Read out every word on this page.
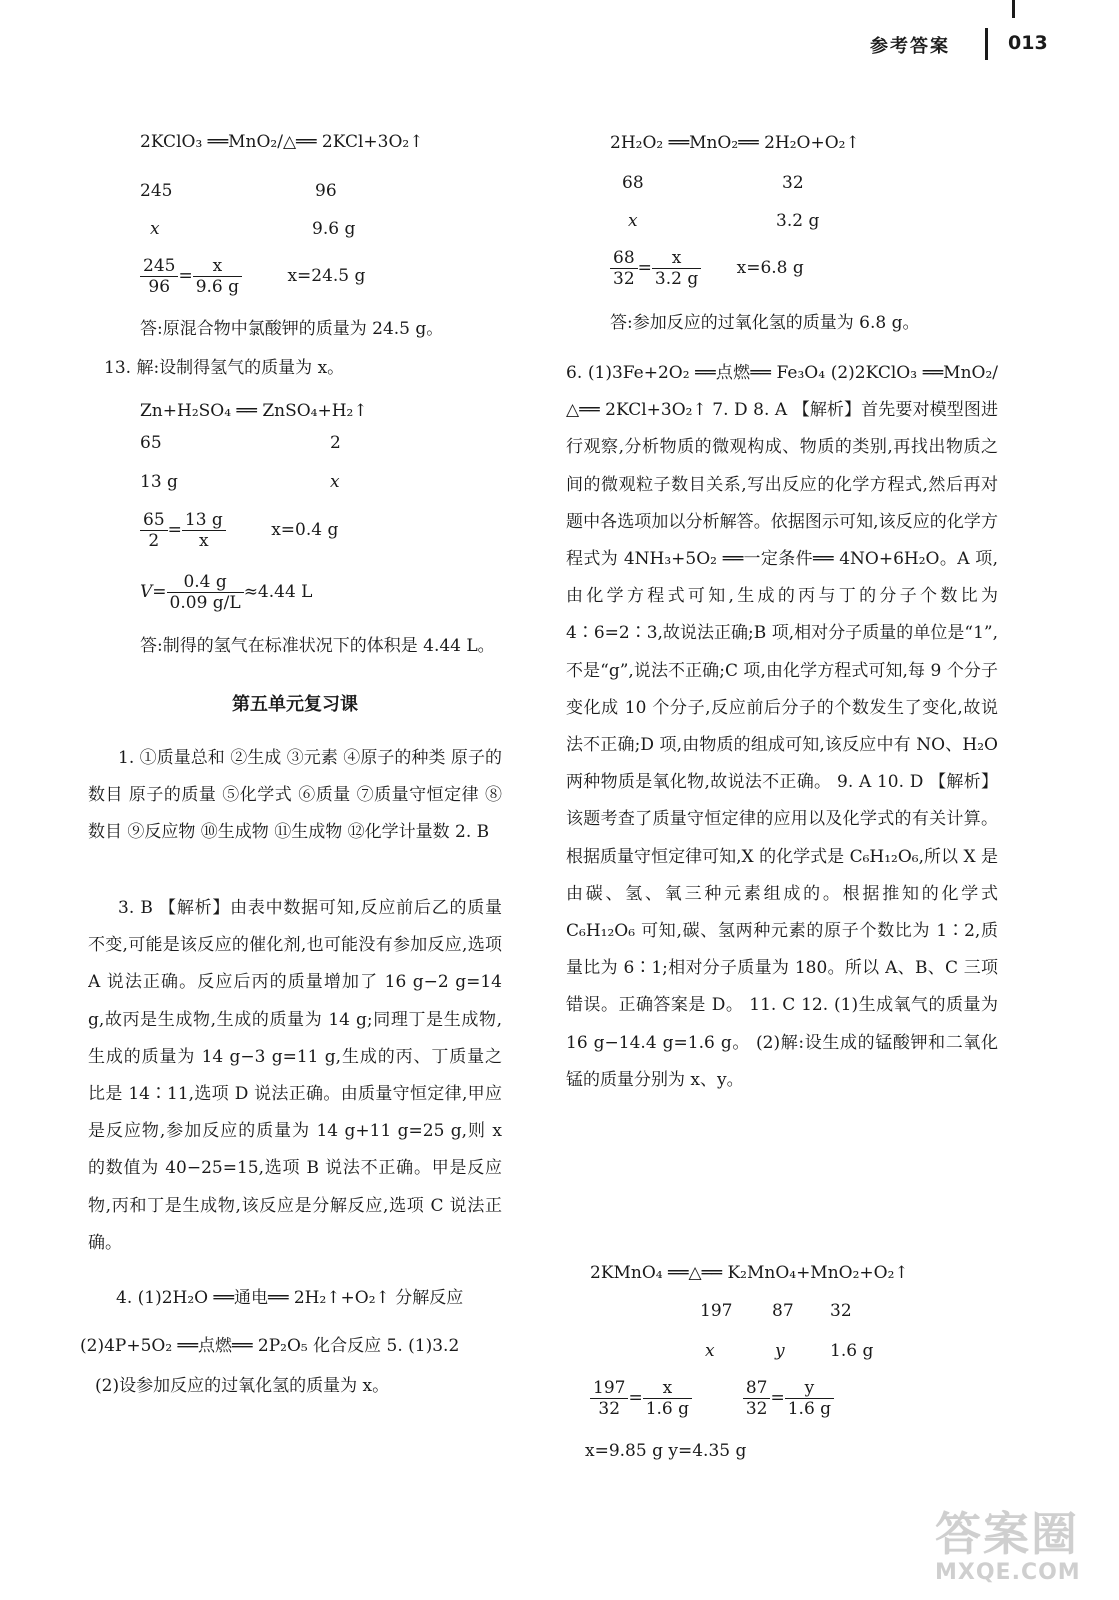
参考答案	013
2KClO₃ ══MnO₂/△══ 2KCl+3O₂↑
245	96
x	9.6 g
$\frac{245}{96} = \frac{x}{9.6 g}$	x=24.5 g
答:原混合物中氯酸钾的质量为 24.5 g。
13. 解:设制得氢气的质量为 x。
Zn+H₂SO₄ ══ ZnSO₄+H₂↑
65	2
13 g	x
$\frac{65}{2} = \frac{13 g}{x}$	x=0.4 g
$V= \frac{0.4 g}{0.09 g/L} \approx 4.44$ L
答:制得的氢气在标准状况下的体积是 4.44 L。
第五单元复习课
1. ①质量总和 ②生成 ③元素 ④原子的种类 原子的数目 原子的质量 ⑤化学式 ⑥质量 ⑦质量守恒定律 ⑧数目 ⑨反应物 ⑩生成物 ⑪生成物 ⑫化学计量数 2. B
3. B 【解析】由表中数据可知,反应前后乙的质量不变,可能是该反应的催化剂,也可能没有参加反应,选项 A 说法正确。反应后丙的质量增加了 16 g−2 g=14 g,故丙是生成物,生成的质量为 14 g;同理丁是生成物,生成的质量为 14 g−3 g=11 g,生成的丙、丁质量之比是 14∶11,选项 D 说法正确。由质量守恒定律,甲应是反应物,参加反应的质量为 14 g+11 g=25 g,则 x 的数值为 40−25=15,选项 B 说法不正确。甲是反应物,丙和丁是生成物,该反应是分解反应,选项 C 说法正确。
4. (1)2H₂O ══通电══ 2H₂↑+O₂↑ 分解反应
(2)4P+5O₂ ══点燃══ 2P₂O₅ 化合反应 5. (1)3.2
(2)设参加反应的过氧化氢的质量为 x。
2H₂O₂ ══MnO₂══ 2H₂O+O₂↑
68	32
x	3.2 g
$\frac{68}{32} = \frac{x}{3.2 g} x=6.8$ g
答:参加反应的过氧化氢的质量为 6.8 g。
6. (1)3Fe+2O₂ ══点燃══ Fe₃O₄ (2)2KClO₃ ══MnO₂/△══ 2KCl+3O₂↑ 7. D 8. A 【解析】首先要对模型图进行观察,分析物质的微观构成、物质的类别,再找出物质之间的微观粒子数目关系,写出反应的化学方程式,然后再对题中各选项加以分析解答。依据图示可知,该反应的化学方程式为 4NH₃+5O₂ ══一定条件══ 4NO+6H₂O。A 项,由化学方程式可知,生成的丙与丁的分子个数比为 4∶6=2∶3,故说法正确;B 项,相对分子质量的单位是“1”,不是“g”,说法不正确;C 项,由化学方程式可知,每 9 个分子变化成 10 个分子,反应前后分子的个数发生了变化,故说法不正确;D 项,由物质的组成可知,该反应中有 NO、H₂O 两种物质是氧化物,故说法不正确。 9. A 10. D 【解析】该题考查了质量守恒定律的应用以及化学式的有关计算。根据质量守恒定律可知,X 的化学式是 C₆H₁₂O₆,所以 X 是由碳、氢、氧三种元素组成的。根据推知的化学式 C₆H₁₂O₆ 可知,碳、氢两种元素的原子个数比为 1∶2,质量比为 6∶1;相对分子质量为 180。所以 A、B、C 三项错误。正确答案是 D。 11. C 12. (1)生成氧气的质量为 16 g−14.4 g=1.6 g。 (2)解:设生成的锰酸钾和二氧化锰的质量分别为 x、y。
2KMnO₄ ══△══ K₂MnO₄+MnO₂+O₂↑
197 87 32
x	y	1.6 g
$\frac{197}{32} = \frac{x}{1.6 g}$
	$\frac{87}{32} = \frac{y}{1.6 g}$
x=9.85 g y=4.35 g
答案圈
MXQE.COM
